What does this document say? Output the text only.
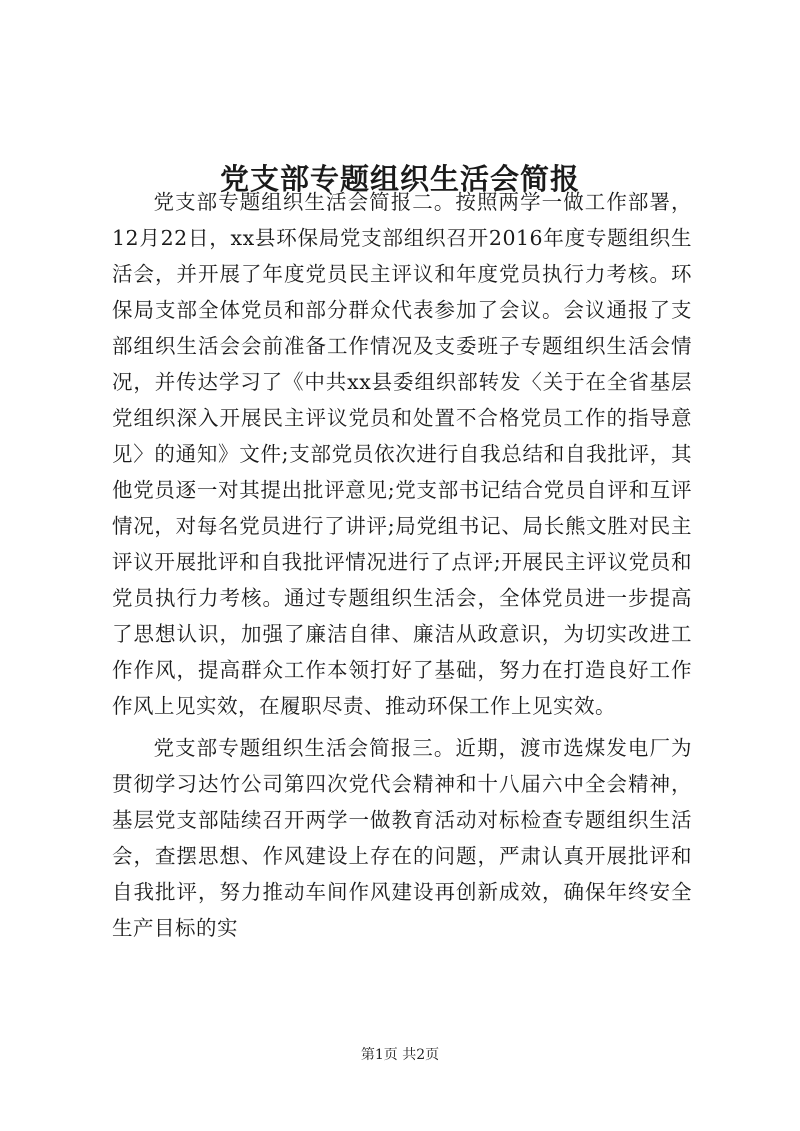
党支部专题组织生活会简报

党支部专题组织生活会简报二。按照两学一做工作部署，12月22日，xx县环保局党支部组织召开2016年度专题组织生活会，并开展了年度党员民主评议和年度党员执行力考核。环保局支部全体党员和部分群众代表参加了会议。会议通报了支部组织生活会会前准备工作情况及支委班子专题组织生活会情况，并传达学习了《中共xx县委组织部转发〈关于在全省基层党组织深入开展民主评议党员和处置不合格党员工作的指导意见〉的通知》文件;支部党员依次进行自我总结和自我批评，其他党员逐一对其提出批评意见;党支部书记结合党员自评和互评情况，对每名党员进行了讲评;局党组书记、局长熊文胜对民主评议开展批评和自我批评情况进行了点评;开展民主评议党员和党员执行力考核。通过专题组织生活会，全体党员进一步提高了思想认识，加强了廉洁自律、廉洁从政意识，为切实改进工作作风，提高群众工作本领打好了基础，努力在打造良好工作作风上见实效，在履职尽责、推动环保工作上见实效。

党支部专题组织生活会简报三。近期，渡市选煤发电厂为贯彻学习达竹公司第四次党代会精神和十八届六中全会精神，基层党支部陆续召开两学一做教育活动对标检查专题组织生活会，查摆思想、作风建设上存在的问题，严肃认真开展批评和自我批评，努力推动车间作风建设再创新成效，确保年终安全生产目标的实

第1页 共2页
